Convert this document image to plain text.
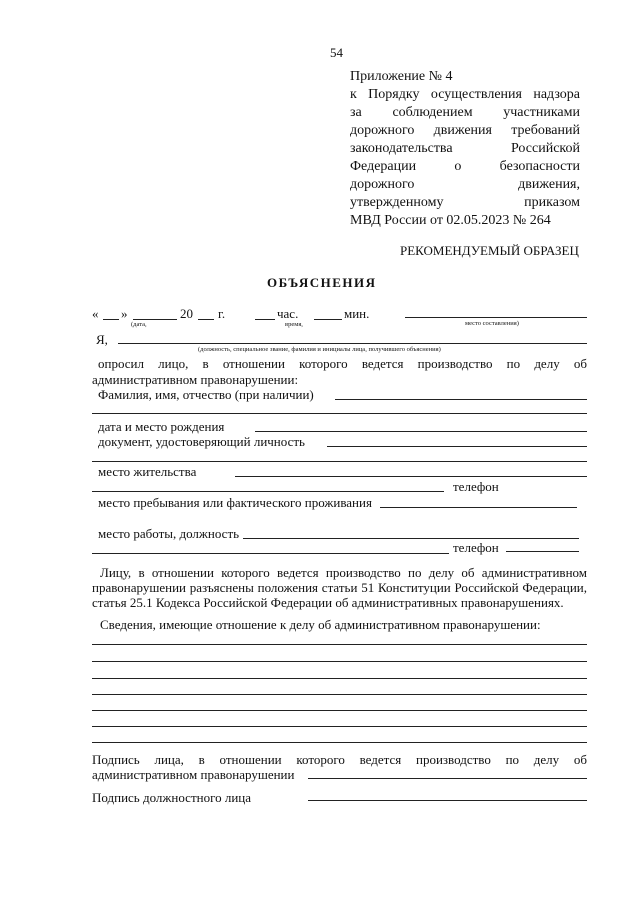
54
Приложение № 4
к Порядку осуществления надзора
за соблюдением участниками
дорожного движения требований
законодательства Российской
Федерации о безопасности
дорожного движения,
утвержденному приказом
МВД России от 02.05.2023 № 264
РЕКОМЕНДУЕМЫЙ ОБРАЗЕЦ
ОБЪЯСНЕНИЯ
« »	20 г.	час.	мин.
(дата,	время,	место составления)
Я,
(должность, специальное звание, фамилия и инициалы лица, получившего объяснения)
опросил лицо, в отношении которого ведется производство по делу об
административном правонарушении:
Фамилия, имя, отчество (при наличии)
дата и место рождения
документ, удостоверяющий личность
место жительства
телефон
место пребывания или фактического проживания
место работы, должность
телефон
Лицу, в отношении которого ведется производство по делу об административном
правонарушении разъяснены положения статьи 51 Конституции Российской Федерации,
статья 25.1 Кодекса Российской Федерации об административных правонарушениях.
Сведения, имеющие отношение к делу об административном правонарушении:
Подпись лица, в отношении которого ведется производство по делу об
административном правонарушении
Подпись должностного лица
